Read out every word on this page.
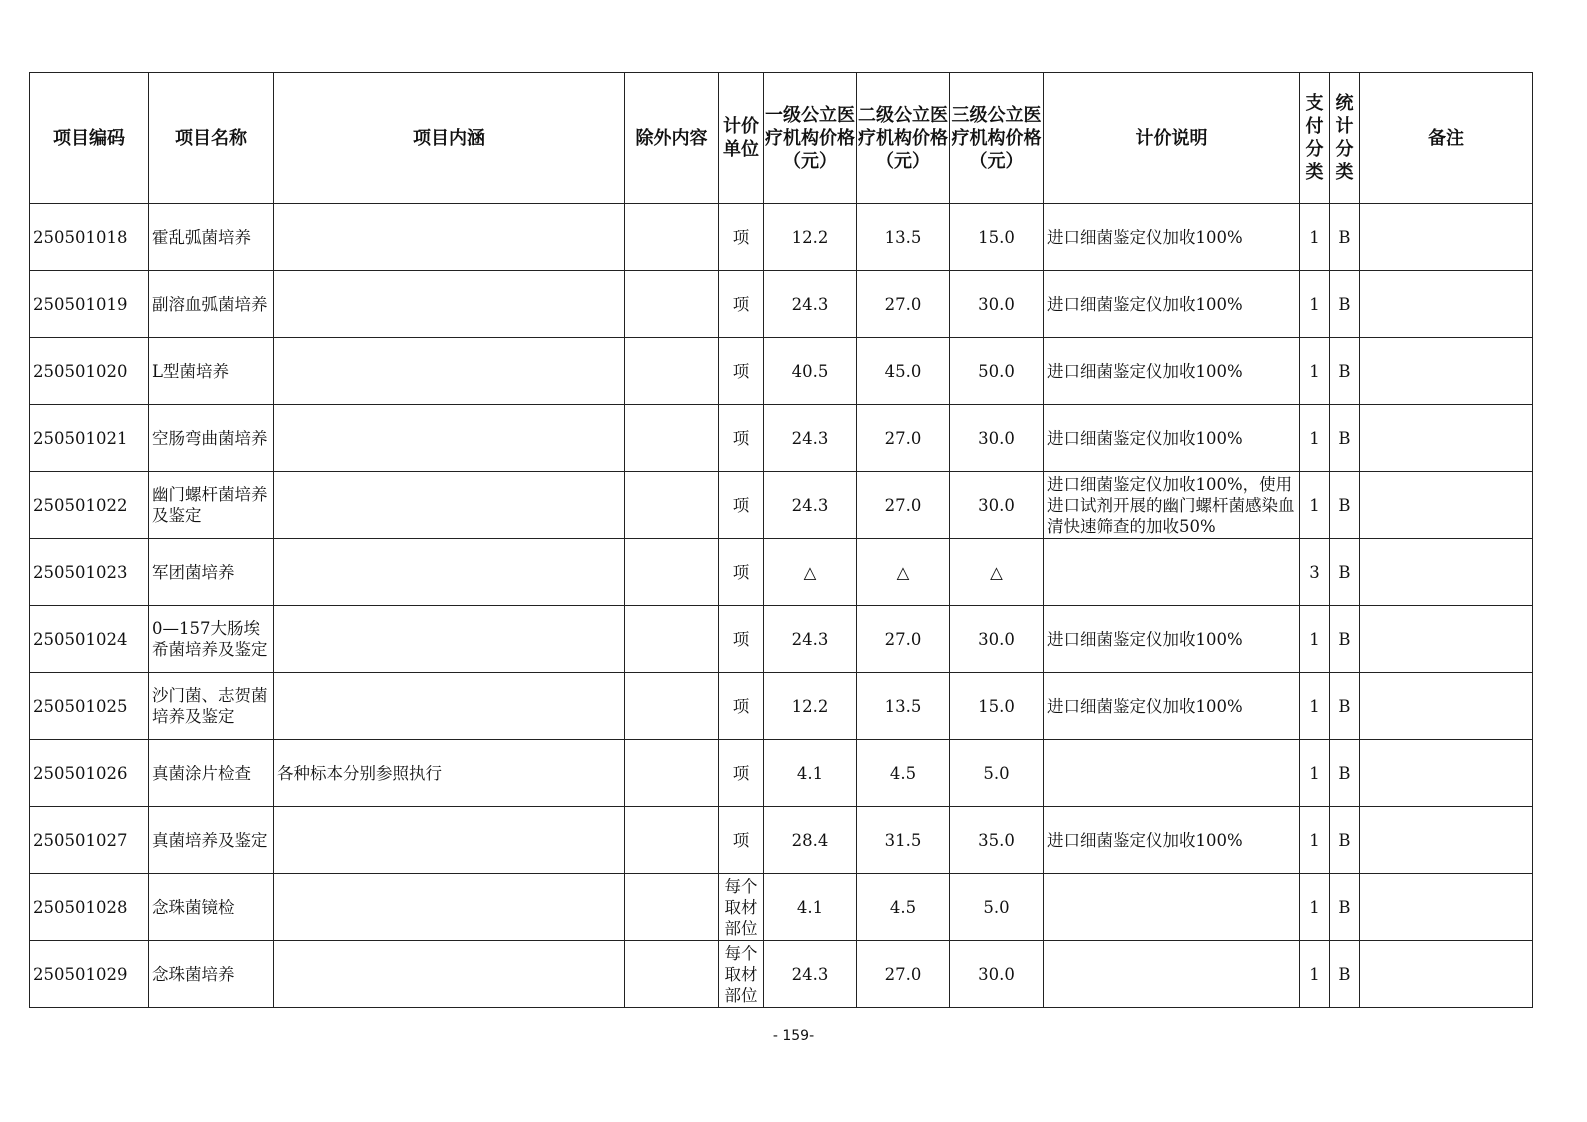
项目编码	项目名称	项目内涵	除外内容	计价单位	一级公立医疗机构价格（元）	二级公立医疗机构价格（元）	三级公立医疗机构价格（元）	计价说明	支付分类	统计分类	备注
250501018	霍乱弧菌培养			项	12.2	13.5	15.0	进口细菌鉴定仪加收100%	1	B	
250501019	副溶血弧菌培养			项	24.3	27.0	30.0	进口细菌鉴定仪加收100%	1	B	
250501020	L型菌培养			项	40.5	45.0	50.0	进口细菌鉴定仪加收100%	1	B	
250501021	空肠弯曲菌培养			项	24.3	27.0	30.0	进口细菌鉴定仪加收100%	1	B	
250501022	幽门螺杆菌培养及鉴定			项	24.3	27.0	30.0	进口细菌鉴定仪加收100%，使用进口试剂开展的幽门螺杆菌感染血清快速筛查的加收50%	1	B	
250501023	军团菌培养			项	△	△	△		3	B	
250501024	0—157大肠埃希菌培养及鉴定			项	24.3	27.0	30.0	进口细菌鉴定仪加收100%	1	B	
250501025	沙门菌、志贺菌培养及鉴定			项	12.2	13.5	15.0	进口细菌鉴定仪加收100%	1	B	
250501026	真菌涂片检查	各种标本分别参照执行		项	4.1	4.5	5.0		1	B	
250501027	真菌培养及鉴定			项	28.4	31.5	35.0	进口细菌鉴定仪加收100%	1	B	
250501028	念珠菌镜检			每个取材部位	4.1	4.5	5.0		1	B	
250501029	念珠菌培养			每个取材部位	24.3	27.0	30.0		1	B	
- 159-
